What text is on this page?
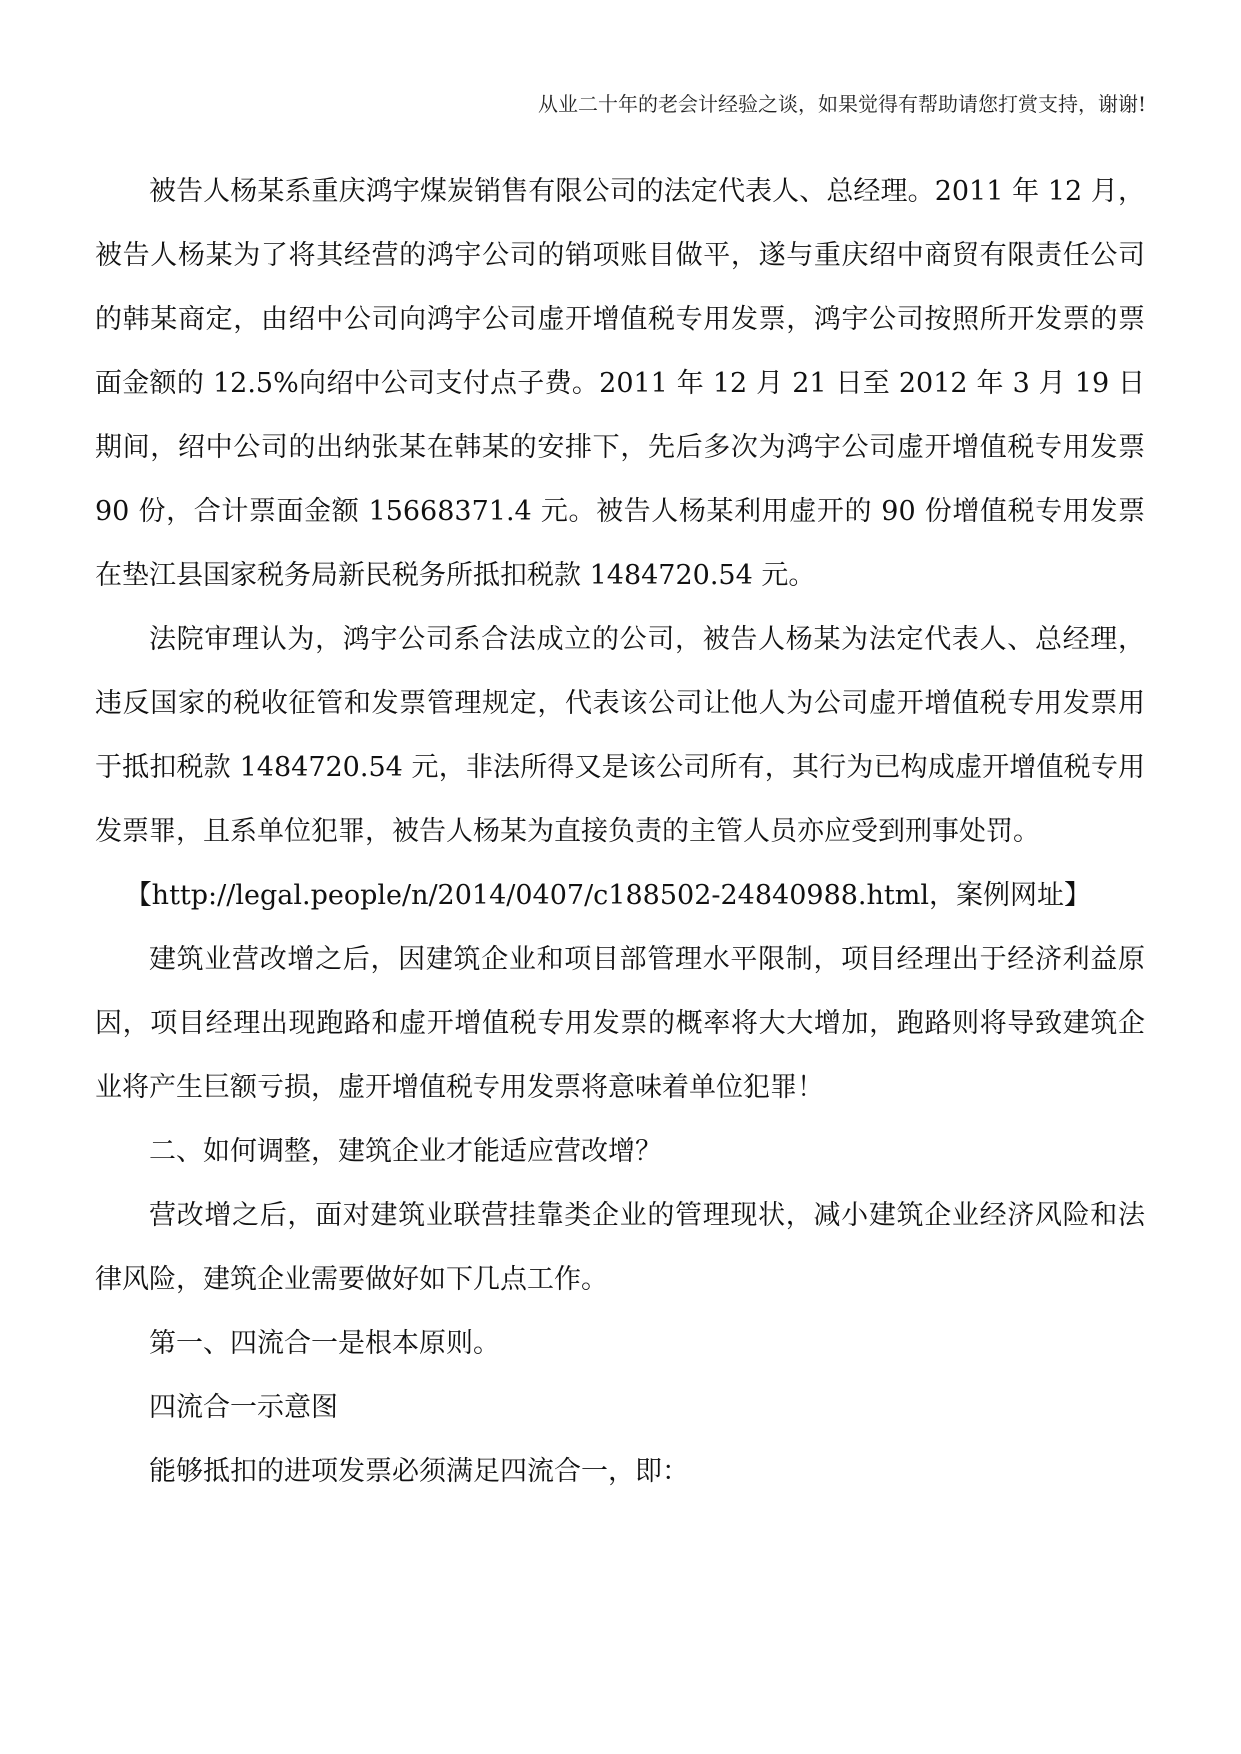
从业二十年的老会计经验之谈，如果觉得有帮助请您打赏支持，谢谢!

被告人杨某系重庆鸿宇煤炭销售有限公司的法定代表人、总经理。2011 年 12 月，被告人杨某为了将其经营的鸿宇公司的销项账目做平，遂与重庆绍中商贸有限责任公司的韩某商定，由绍中公司向鸿宇公司虚开增值税专用发票，鸿宇公司按照所开发票的票面金额的 12.5%向绍中公司支付点子费。2011 年 12 月 21 日至 2012 年 3 月 19 日期间，绍中公司的出纳张某在韩某的安排下，先后多次为鸿宇公司虚开增值税专用发票 90 份，合计票面金额 15668371.4 元。被告人杨某利用虚开的 90 份增值税专用发票在垫江县国家税务局新民税务所抵扣税款 1484720.54 元。

法院审理认为，鸿宇公司系合法成立的公司，被告人杨某为法定代表人、总经理，违反国家的税收征管和发票管理规定，代表该公司让他人为公司虚开增值税专用发票用于抵扣税款 1484720.54 元，非法所得又是该公司所有，其行为已构成虚开增值税专用发票罪，且系单位犯罪，被告人杨某为直接负责的主管人员亦应受到刑事处罚。

【http://legal.people/n/2014/0407/c188502-24840988.html，案例网址】

建筑业营改增之后，因建筑企业和项目部管理水平限制，项目经理出于经济利益原因，项目经理出现跑路和虚开增值税专用发票的概率将大大增加，跑路则将导致建筑企业将产生巨额亏损，虚开增值税专用发票将意味着单位犯罪！

二、如何调整，建筑企业才能适应营改增？

营改增之后，面对建筑业联营挂靠类企业的管理现状，减小建筑企业经济风险和法律风险，建筑企业需要做好如下几点工作。

第一、四流合一是根本原则。

四流合一示意图

能够抵扣的进项发票必须满足四流合一，即：
